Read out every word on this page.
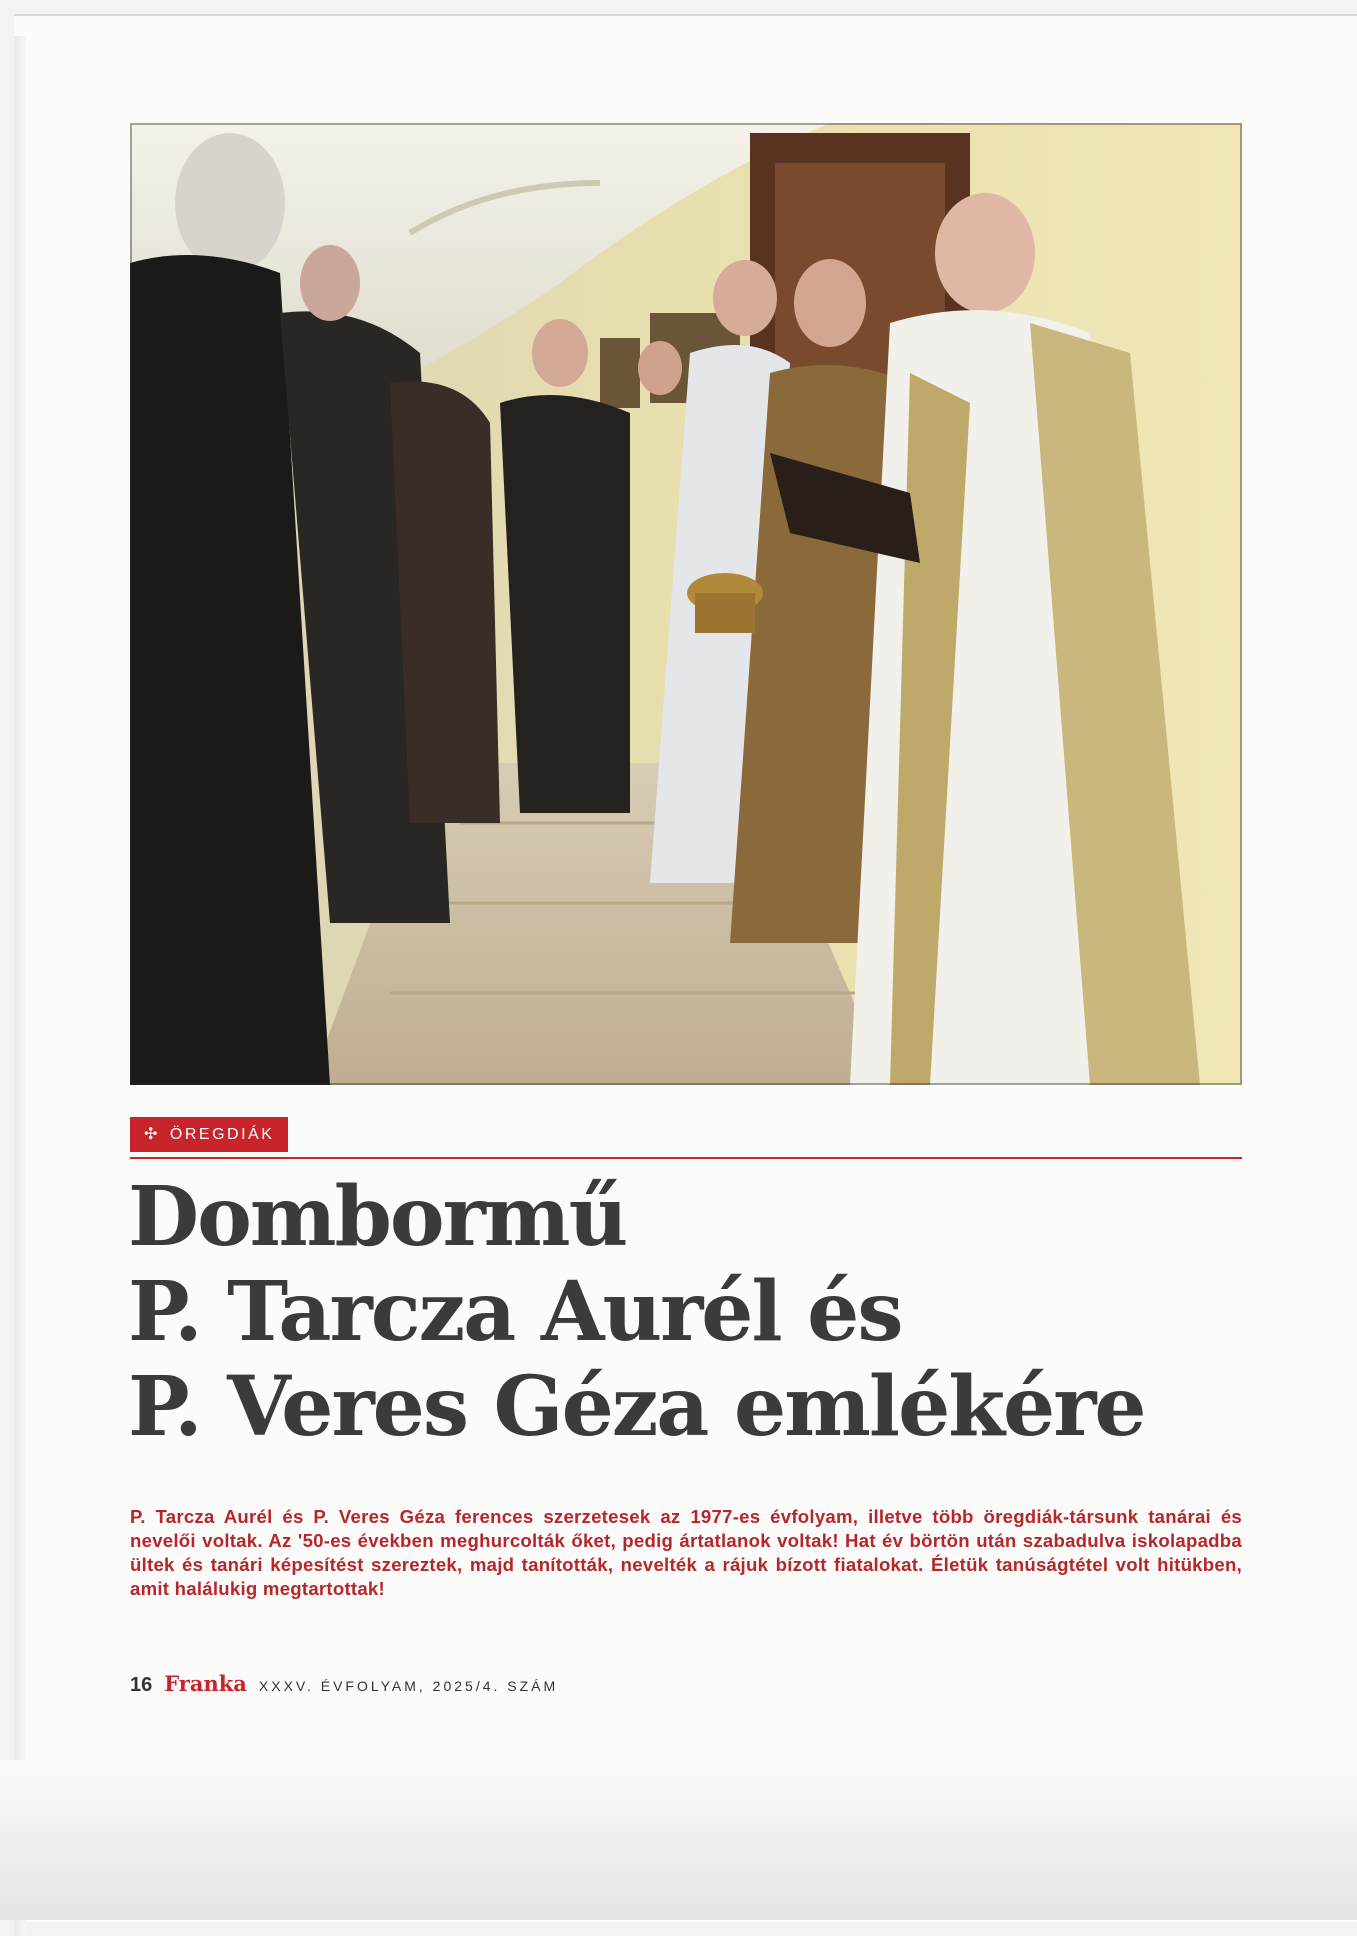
✣ ÖREGDIÁK
Dombormű
P. Tarcza Aurél és
P. Veres Géza emlékére
P. Tarcza Aurél és P. Veres Géza ferences szerzetesek az 1977-es évfolyam, illetve több öregdiák-társunk tanárai és nevelői voltak. Az '50-es években meghurcolták őket, pedig ártatlanok voltak! Hat év börtön után szabadulva iskolapadba ültek és tanári képesítést szereztek, majd tanították, nevelték a rájuk bízott fiatalokat. Életük tanúságtétel volt hitükben, amit halálukig megtartottak!
16 Franka XXXV. ÉVFOLYAM, 2025/4. SZÁM
